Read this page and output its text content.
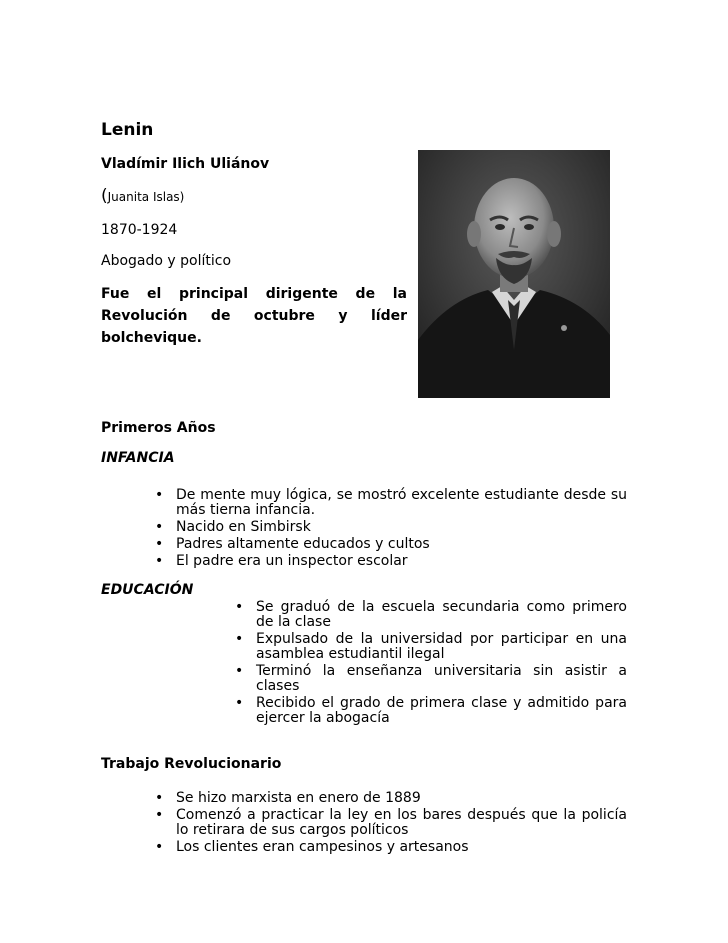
Lenin
Vladímir Ilich Uliánov
(Juanita Islas)
1870-1924
Abogado y político
Fue el principal dirigente de la Revolución de octubre y líder bolchevique.
Primeros Años
INFANCIA
• De mente muy lógica, se mostró excelente estudiante desde su más tierna infancia.
• Nacido en Simbirsk
• Padres altamente educados y cultos
• El padre era un inspector escolar
EDUCACIÓN
• Se graduó de la escuela secundaria como primero de la clase
• Expulsado de la universidad por participar en una asamblea estudiantil ilegal
• Terminó la enseñanza universitaria sin asistir a clases
• Recibido el grado de primera clase y admitido para ejercer la abogacía
Trabajo Revolucionario
• Se hizo marxista en enero de 1889
• Comenzó a practicar la ley en los bares después que la policía lo retirara de sus cargos políticos
• Los clientes eran campesinos y artesanos
